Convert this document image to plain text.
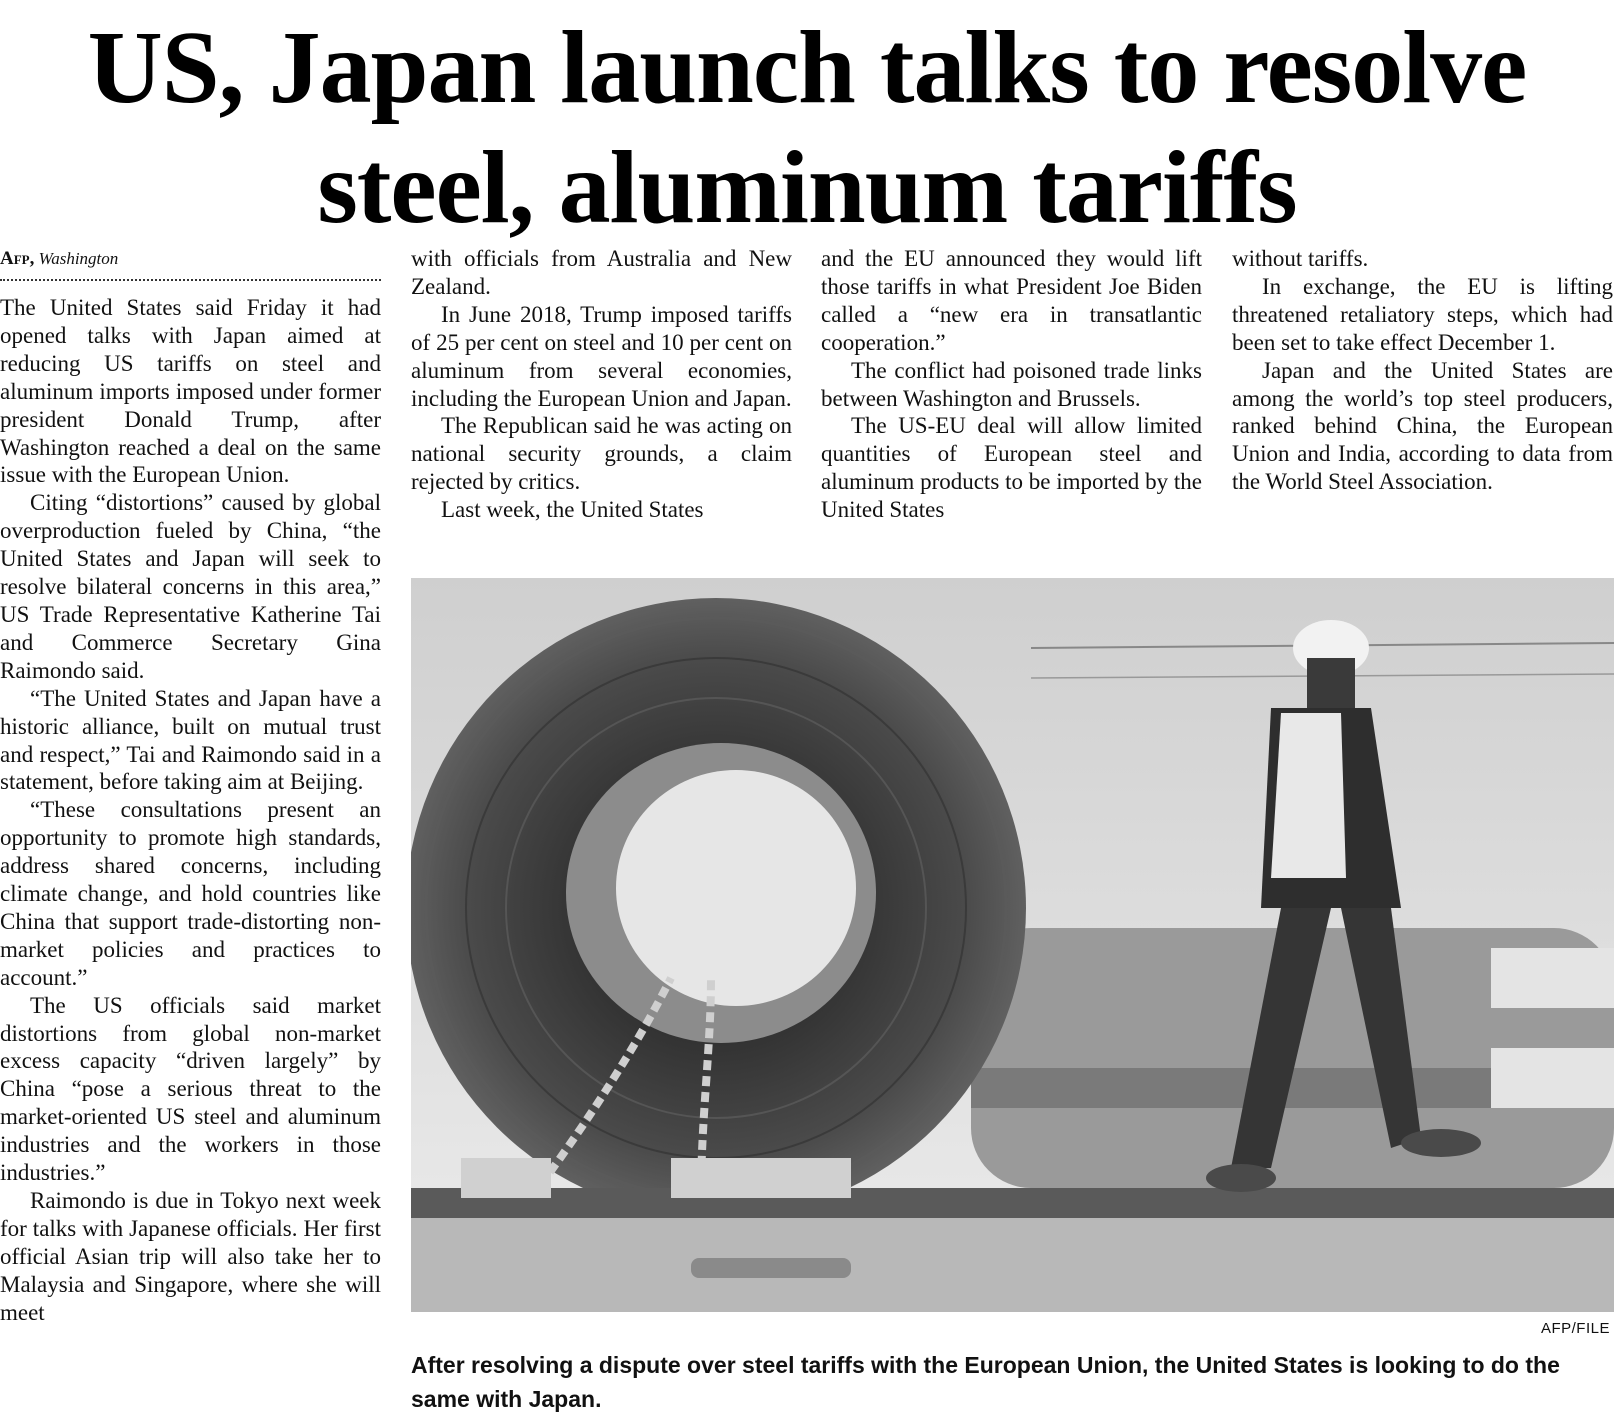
US, Japan launch talks to resolve
steel, aluminum tariffs
Afp, Washington

The United States said Friday it had opened talks with Japan aimed at reducing US tariffs on steel and aluminum imports imposed under former president Donald Trump, after Washington reached a deal on the same issue with the European Union.

Citing “distortions” caused by global overproduction fueled by China, “the United States and Japan will seek to resolve bilateral concerns in this area,” US Trade Representative Katherine Tai and Commerce Secretary Gina Raimondo said.

“The United States and Japan have a historic alliance, built on mutual trust and respect,” Tai and Raimondo said in a statement, before taking aim at Beijing.

“These consultations present an opportunity to promote high standards, address shared concerns, including climate change, and hold countries like China that support trade-distorting non-market policies and practices to account.”

The US officials said market distortions from global non-market excess capacity “driven largely” by China “pose a serious threat to the market-oriented US steel and aluminum industries and the workers in those industries.”

Raimondo is due in Tokyo next week for talks with Japanese officials. Her first official Asian trip will also take her to Malaysia and Singapore, where she will meet

with officials from Australia and New Zealand.

In June 2018, Trump imposed tariffs of 25 per cent on steel and 10 per cent on aluminum from several economies, including the European Union and Japan.

The Republican said he was acting on national security grounds, a claim rejected by critics.

Last week, the United States

and the EU announced they would lift those tariffs in what President Joe Biden called a “new era in transatlantic cooperation.”

The conflict had poisoned trade links between Washington and Brussels.

The US-EU deal will allow limited quantities of European steel and aluminum products to be imported by the United States

without tariffs.

In exchange, the EU is lifting threatened retaliatory steps, which had been set to take effect December 1.

Japan and the United States are among the world’s top steel producers, ranked behind China, the European Union and India, according to data from the World Steel Association.

AFP/FILE
After resolving a dispute over steel tariffs with the European Union, the United States is looking to do the same with Japan.
